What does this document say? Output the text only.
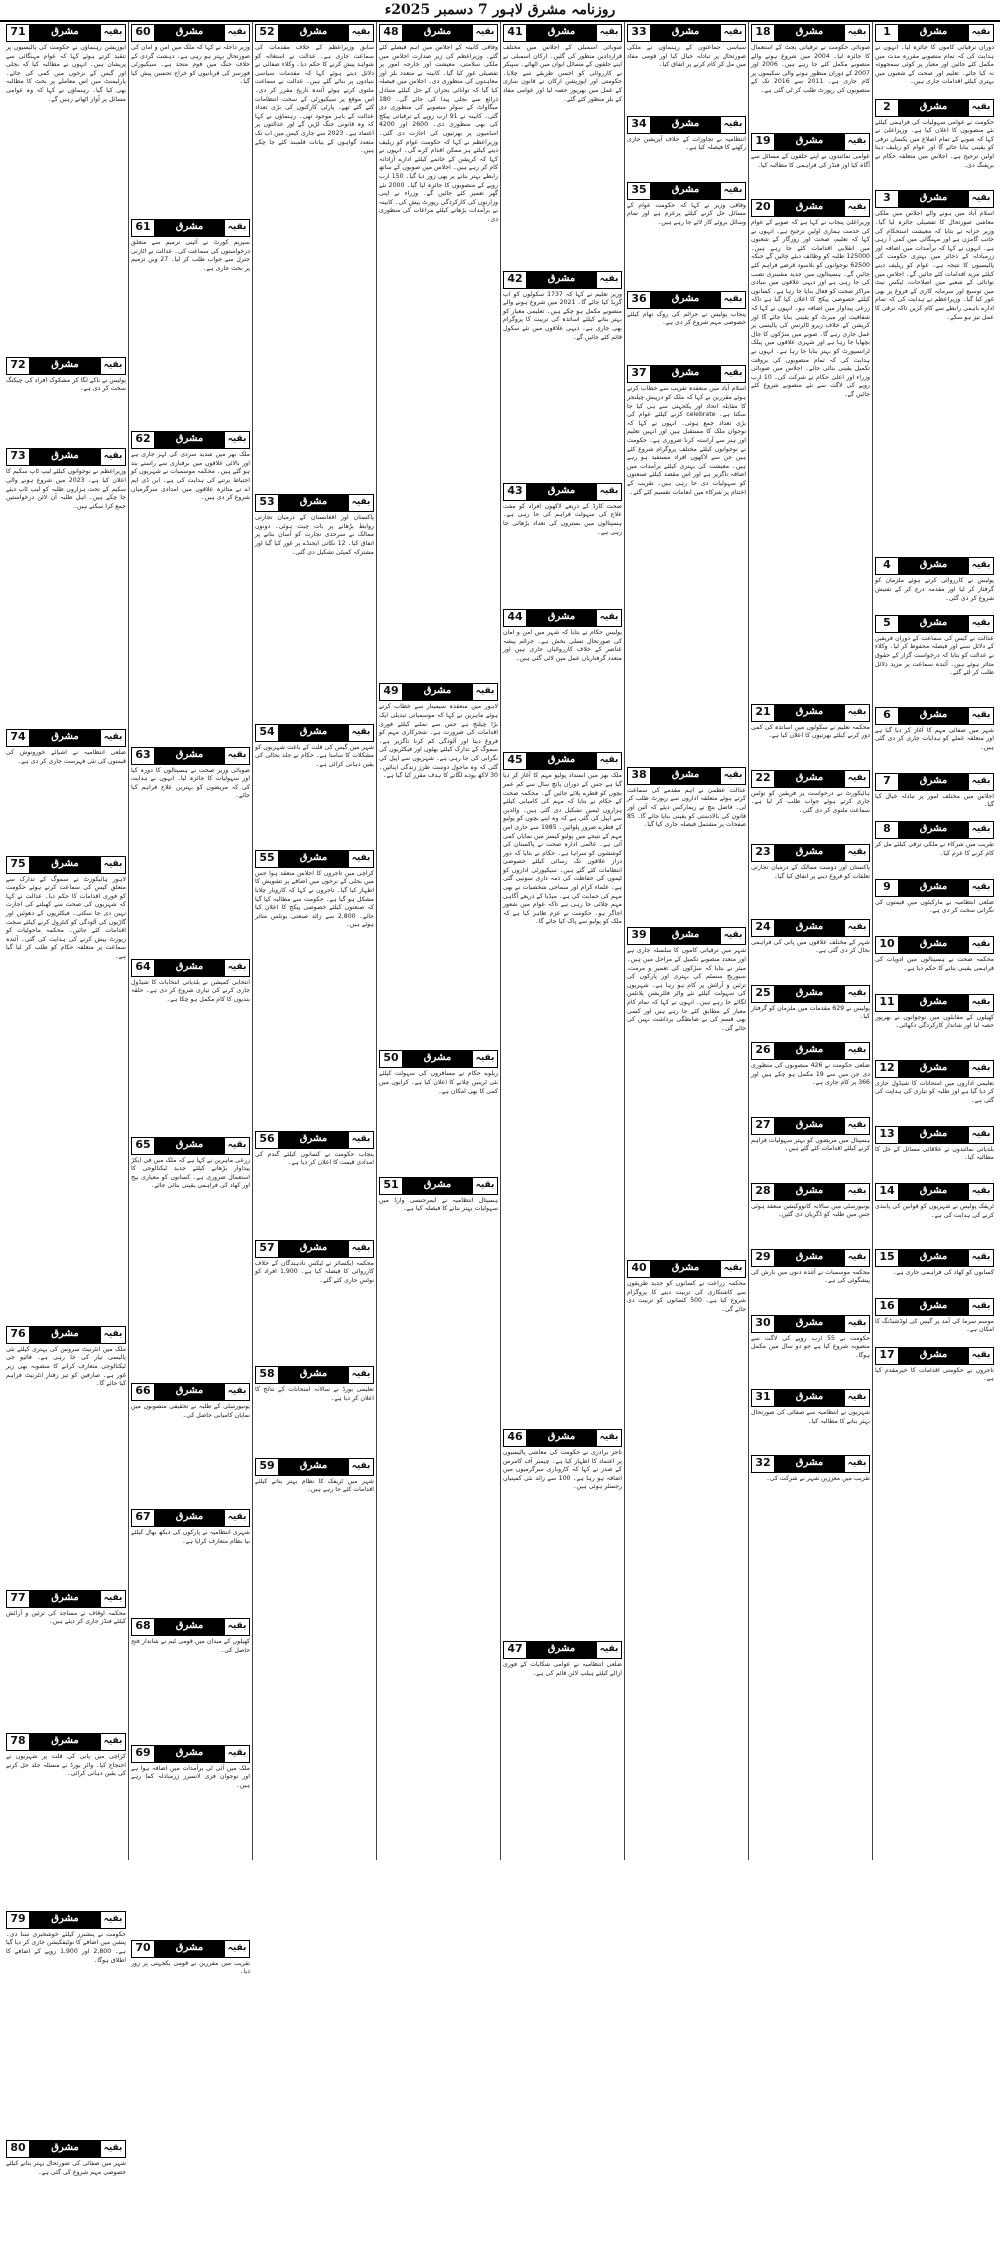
روزنامہ مشرق لاہور 7 دسمبر 2025ء
بقیہ
مشرق
1
دوران ترقیاتی کاموں کا جائزہ لیا۔ انہوں نے ہدایت کی کہ تمام منصوبے مقررہ مدت میں مکمل کئے جائیں اور معیار پر کوئی سمجھوتہ نہ کیا جائے۔ تعلیم اور صحت کے شعبوں میں بہتری کیلئے اقدامات جاری ہیں۔
بقیہ
مشرق
2
حکومت نے عوامی سہولیات کی فراہمی کیلئے نئے منصوبوں کا اعلان کیا ہے۔ وزیراعلیٰ نے کہا کہ صوبے کے تمام اضلاع میں یکساں ترقی کو یقینی بنایا جائے گا اور عوام کو ریلیف دینا اولین ترجیح ہے۔ اجلاس میں متعلقہ حکام نے بریفنگ دی۔
بقیہ
مشرق
3
اسلام آباد میں ہونے والے اجلاس میں ملکی معاشی صورتحال کا تفصیلی جائزہ لیا گیا۔ وزیر خزانہ نے بتایا کہ معیشت استحکام کی جانب گامزن ہے اور مہنگائی میں کمی آ رہی ہے۔ انہوں نے کہا کہ برآمدات میں اضافہ اور زرمبادلہ کے ذخائر میں بہتری حکومت کی پالیسیوں کا نتیجہ ہے۔ عوام کو ریلیف دینے کیلئے مزید اقدامات کئے جائیں گے۔ اجلاس میں توانائی کے شعبے میں اصلاحات، ٹیکس نیٹ میں توسیع اور سرمایہ کاری کے فروغ پر بھی غور کیا گیا۔ وزیراعظم نے ہدایت کی کہ تمام ادارے باہمی رابطے سے کام کریں تاکہ ترقی کا عمل تیز ہو سکے۔
بقیہ
مشرق
4
پولیس نے کارروائی کرتے ہوئے ملزمان کو گرفتار کر لیا اور مقدمہ درج کر کے تفتیش شروع کر دی گئی۔
بقیہ
مشرق
5
عدالت نے کیس کی سماعت کے دوران فریقین کے دلائل سنے اور فیصلہ محفوظ کر لیا۔ وکلاء نے عدالت کو بتایا کہ درخواست گزار کے حقوق متاثر ہوئے ہیں۔ آئندہ سماعت پر مزید دلائل طلب کر لئے گئے۔
بقیہ
مشرق
6
شہر میں صفائی مہم کا آغاز کر دیا گیا ہے اور متعلقہ عملے کو ہدایات جاری کر دی گئی ہیں۔
بقیہ
مشرق
7
اجلاس میں مختلف امور پر تبادلہ خیال کیا گیا۔
بقیہ
مشرق
8
تقریب میں شرکاء نے ملکی ترقی کیلئے مل کر کام کرنے کا عزم کیا۔
بقیہ
مشرق
9
ضلعی انتظامیہ نے مارکیٹوں میں قیمتوں کی نگرانی سخت کر دی ہے۔
بقیہ
مشرق
10
محکمہ صحت نے ہسپتالوں میں ادویات کی فراہمی یقینی بنانے کا حکم دیا ہے۔
بقیہ
مشرق
11
کھیلوں کے مقابلوں میں نوجوانوں نے بھرپور حصہ لیا اور شاندار کارکردگی دکھائی۔
بقیہ
مشرق
12
تعلیمی اداروں میں امتحانات کا شیڈول جاری کر دیا گیا ہے اور طلبہ کو تیاری کی ہدایت کی گئی ہے۔
بقیہ
مشرق
13
بلدیاتی نمائندوں نے علاقائی مسائل کے حل کا مطالبہ کیا۔
بقیہ
مشرق
14
ٹریفک پولیس نے شہریوں کو قوانین کی پابندی کرنے کی ہدایت کی ہے۔
بقیہ
مشرق
15
کسانوں کو کھاد کی فراہمی جاری ہے۔
بقیہ
مشرق
16
موسم سرما کی آمد پر گیس کی لوڈشیڈنگ کا امکان ہے۔
بقیہ
مشرق
17
تاجروں نے حکومتی اقدامات کا خیرمقدم کیا ہے۔
بقیہ
مشرق
18
صوبائی حکومت نے ترقیاتی بجٹ کے استعمال کا جائزہ لیا۔ 2004 میں شروع ہونے والے منصوبے مکمل کئے جا رہے ہیں۔ 2006 اور 2007 کے دوران منظور ہونے والی سکیموں پر کام جاری ہے۔ 2011 سے 2016 تک کے منصوبوں کی رپورٹ طلب کر لی گئی ہے۔
بقیہ
مشرق
19
عوامی نمائندوں نے اپنے حلقوں کے مسائل سے آگاہ کیا اور فنڈز کی فراہمی کا مطالبہ کیا۔
بقیہ
مشرق
20
وزیراعلیٰ پنجاب نے کہا ہے کہ صوبے کے عوام کی خدمت ہماری اولین ترجیح ہے۔ انہوں نے کہا کہ تعلیم، صحت اور روزگار کے شعبوں میں انقلابی اقدامات کئے جا رہے ہیں۔ 125000 طلبہ کو وظائف دیئے جائیں گے جبکہ 62500 نوجوانوں کو بلاسود قرضے فراہم کئے جائیں گے۔ ہسپتالوں میں جدید مشینری نصب کی جا رہی ہے اور دیہی علاقوں میں بنیادی مراکز صحت کو فعال بنایا جا رہا ہے۔ کسانوں کیلئے خصوصی پیکج کا اعلان کیا گیا ہے تاکہ زرعی پیداوار میں اضافہ ہو۔ انہوں نے کہا کہ شفافیت اور میرٹ کو یقینی بنایا جائے گا اور کرپشن کے خلاف زیرو ٹالرنس کی پالیسی پر عمل جاری رہے گا۔ صوبے میں سڑکوں کا جال بچھایا جا رہا ہے اور شہری علاقوں میں پبلک ٹرانسپورٹ کو بہتر بنایا جا رہا ہے۔ انہوں نے ہدایت کی کہ تمام منصوبوں کی بروقت تکمیل یقینی بنائی جائے۔ اجلاس میں صوبائی وزراء اور اعلیٰ حکام نے شرکت کی۔ 10 ارب روپے کی لاگت سے نئے منصوبے شروع کئے جائیں گے۔
بقیہ
مشرق
21
محکمہ تعلیم نے سکولوں میں اساتذہ کی کمی دور کرنے کیلئے بھرتیوں کا اعلان کیا ہے۔
بقیہ
مشرق
22
ہائیکورٹ نے درخواست پر فریقین کو نوٹس جاری کرتے ہوئے جواب طلب کر لیا ہے۔ سماعت ملتوی کر دی گئی۔
بقیہ
مشرق
23
پاکستان اور دوست ممالک کے درمیان تجارتی تعلقات کو فروغ دینے پر اتفاق کیا گیا۔
بقیہ
مشرق
24
شہر کے مختلف علاقوں میں پانی کی فراہمی بحال کر دی گئی ہے۔
بقیہ
مشرق
25
پولیس نے 629 مقدمات میں ملزمان کو گرفتار کیا۔
بقیہ
مشرق
26
ضلعی حکومت نے 426 منصوبوں کی منظوری دی جن میں سے 19 مکمل ہو چکے ہیں اور 366 پر کام جاری ہے۔
بقیہ
مشرق
27
ہسپتال میں مریضوں کو بہتر سہولیات فراہم کرنے کیلئے اقدامات کئے گئے ہیں۔
بقیہ
مشرق
28
یونیورسٹی میں سالانہ کانووکیشن منعقد ہوئی جس میں طلبہ کو ڈگریاں دی گئیں۔
بقیہ
مشرق
29
محکمہ موسمیات نے آئندہ دنوں میں بارش کی پیشگوئی کی ہے۔
بقیہ
مشرق
30
حکومت نے 55 ارب روپے کی لاگت سے منصوبہ شروع کیا ہے جو دو سال میں مکمل ہوگا۔
بقیہ
مشرق
31
شہریوں نے انتظامیہ سے صفائی کی صورتحال بہتر بنانے کا مطالبہ کیا۔
بقیہ
مشرق
32
تقریب میں معززین شہر نے شرکت کی۔
بقیہ
مشرق
33
سیاسی جماعتوں کے رہنماؤں نے ملکی صورتحال پر تبادلہ خیال کیا اور قومی مفاد میں مل کر کام کرنے پر اتفاق کیا۔
بقیہ
مشرق
34
انتظامیہ نے تجاوزات کے خلاف آپریشن جاری رکھنے کا فیصلہ کیا ہے۔
بقیہ
مشرق
35
وفاقی وزیر نے کہا کہ حکومت عوام کے مسائل حل کرنے کیلئے پرعزم ہے اور تمام وسائل بروئے کار لائے جا رہے ہیں۔
بقیہ
مشرق
36
پنجاب پولیس نے جرائم کی روک تھام کیلئے خصوصی مہم شروع کر دی ہے۔
بقیہ
مشرق
37
اسلام آباد میں منعقدہ تقریب سے خطاب کرتے ہوئے مقررین نے کہا کہ ملک کو درپیش چیلنجز کا مقابلہ اتحاد اور یکجہتی سے ہی کیا جا سکتا ہے۔ celebrate کرنے کیلئے عوام کی بڑی تعداد جمع ہوئی۔ انہوں نے کہا کہ نوجوان ملک کا مستقبل ہیں اور انہیں تعلیم اور ہنر سے آراستہ کرنا ضروری ہے۔ حکومت نے نوجوانوں کیلئے مختلف پروگرام شروع کئے ہیں جن سے لاکھوں افراد مستفید ہو رہے ہیں۔ معیشت کی بہتری کیلئے برآمدات میں اضافہ ناگزیر ہے اور اس مقصد کیلئے صنعتوں کو سہولیات دی جا رہی ہیں۔ تقریب کے اختتام پر شرکاء میں انعامات تقسیم کئے گئے۔
بقیہ
مشرق
38
عدالت عظمیٰ نے اہم مقدمے کی سماعت کرتے ہوئے متعلقہ اداروں سے رپورٹ طلب کر لی۔ فاضل بنچ نے ریمارکس دیئے کہ آئین اور قانون کی بالادستی کو یقینی بنایا جائے گا۔ 85 صفحات پر مشتمل فیصلہ جاری کیا گیا۔
بقیہ
مشرق
39
شہر میں ترقیاتی کاموں کا سلسلہ جاری ہے اور متعدد منصوبے تکمیل کے مراحل میں ہیں۔ میئر نے بتایا کہ سڑکوں کی تعمیر و مرمت، سیوریج سسٹم کی بہتری اور پارکوں کی تزئین و آرائش پر کام ہو رہا ہے۔ شہریوں کی سہولت کیلئے نئے واٹر فلٹریشن پلانٹس لگائے جا رہے ہیں۔ انہوں نے کہا کہ تمام کام معیار کے مطابق کئے جا رہے ہیں اور کسی بھی قسم کی بے ضابطگی برداشت نہیں کی جائے گی۔
بقیہ
مشرق
40
محکمہ زراعت نے کسانوں کو جدید طریقوں سے کاشتکاری کی تربیت دینے کا پروگرام شروع کیا ہے۔ 500 کسانوں کو تربیت دی جائے گی۔
بقیہ
مشرق
41
صوبائی اسمبلی کے اجلاس میں مختلف قراردادیں منظور کی گئیں۔ ارکان اسمبلی نے اپنے حلقوں کے مسائل ایوان میں اٹھائے۔ سپیکر نے کارروائی کو احسن طریقے سے چلایا۔ حکومتی اور اپوزیشن ارکان نے قانون سازی کے عمل میں بھرپور حصہ لیا اور عوامی مفاد کے بلز منظور کئے گئے۔
بقیہ
مشرق
42
وزیر تعلیم نے کہا کہ 1737 سکولوں کو اپ گریڈ کیا جائے گا۔ 2021 میں شروع ہونے والے منصوبے مکمل ہو چکے ہیں۔ تعلیمی معیار کو بہتر بنانے کیلئے اساتذہ کی تربیت کا پروگرام بھی جاری ہے۔ دیہی علاقوں میں نئے سکول قائم کئے جائیں گے۔
بقیہ
مشرق
43
صحت کارڈ کے ذریعے لاکھوں افراد کو مفت علاج کی سہولت فراہم کی جا رہی ہے۔ ہسپتالوں میں بستروں کی تعداد بڑھائی جا رہی ہے۔
بقیہ
مشرق
44
پولیس حکام نے بتایا کہ شہر میں امن و امان کی صورتحال تسلی بخش ہے۔ جرائم پیشہ عناصر کے خلاف کارروائیاں جاری ہیں اور متعدد گرفتاریاں عمل میں لائی گئی ہیں۔
بقیہ
مشرق
45
ملک بھر میں انسداد پولیو مہم کا آغاز کر دیا گیا ہے جس کے دوران پانچ سال سے کم عمر بچوں کو قطرے پلائے جائیں گے۔ محکمہ صحت کے حکام نے بتایا کہ مہم کی کامیابی کیلئے ہزاروں ٹیمیں تشکیل دی گئی ہیں۔ والدین سے اپیل کی گئی ہے کہ وہ اپنے بچوں کو پولیو کے قطرے ضرور پلوائیں۔ 1985 سے جاری اس مہم کے نتیجے میں پولیو کیسز میں نمایاں کمی آئی ہے۔ عالمی ادارہ صحت نے پاکستان کی کوششوں کو سراہا ہے۔ حکام نے بتایا کہ دور دراز علاقوں تک رسائی کیلئے خصوصی انتظامات کئے گئے ہیں۔ سیکیورٹی اداروں کو ٹیموں کی حفاظت کی ذمہ داری سونپی گئی ہے۔ علماء کرام اور سماجی شخصیات نے بھی مہم کی حمایت کی ہے۔ میڈیا کے ذریعے آگاہی مہم چلائی جا رہی ہے تاکہ عوام میں شعور اجاگر ہو۔ حکومت نے عزم ظاہر کیا ہے کہ ملک کو پولیو سے پاک کیا جائے گا۔
بقیہ
مشرق
46
تاجر برادری نے حکومت کی معاشی پالیسیوں پر اعتماد کا اظہار کیا ہے۔ چیمبر آف کامرس کے صدر نے کہا کہ کاروباری سرگرمیوں میں اضافہ ہو رہا ہے۔ 100 سے زائد نئی کمپنیاں رجسٹر ہوئی ہیں۔
بقیہ
مشرق
47
ضلعی انتظامیہ نے عوامی شکایات کے فوری ازالے کیلئے ہیلپ لائن قائم کی ہے۔
بقیہ
مشرق
48
وفاقی کابینہ کے اجلاس میں اہم فیصلے کئے گئے۔ وزیراعظم کی زیر صدارت اجلاس میں ملکی سلامتی، معیشت اور خارجہ امور پر تفصیلی غور کیا گیا۔ کابینہ نے متعدد بلز اور معاہدوں کی منظوری دی۔ اجلاس میں فیصلہ کیا گیا کہ توانائی بحران کے حل کیلئے متبادل ذرائع سے بجلی پیدا کی جائے گی۔ 180 میگاواٹ کے سولر منصوبے کی منظوری دی گئی۔ کابینہ نے 91 ارب روپے کے ترقیاتی پیکج کی بھی منظوری دی۔ 2600 اور 4200 اسامیوں پر بھرتیوں کی اجازت دی گئی۔ وزیراعظم نے کہا کہ حکومت عوام کو ریلیف دینے کیلئے ہر ممکن اقدام کرے گی۔ انہوں نے کہا کہ کرپشن کے خاتمے کیلئے ادارے آزادانہ کام کر رہے ہیں۔ اجلاس میں صوبوں کے ساتھ رابطے بہتر بنانے پر بھی زور دیا گیا۔ 150 ارب روپے کے منصوبوں کا جائزہ لیا گیا۔ 2000 نئے گھر تعمیر کئے جائیں گے۔ وزراء نے اپنی وزارتوں کی کارکردگی رپورٹ پیش کی۔ کابینہ نے برآمدات بڑھانے کیلئے مراعات کی منظوری دی۔
بقیہ
مشرق
49
لاہور میں منعقدہ سیمینار سے خطاب کرتے ہوئے ماہرین نے کہا کہ موسمیاتی تبدیلی ایک بڑا چیلنج ہے جس سے نمٹنے کیلئے فوری اقدامات کی ضرورت ہے۔ شجرکاری مہم کو فروغ دینا اور آلودگی کم کرنا ناگزیر ہے۔ سموگ کے تدارک کیلئے بھٹوں اور فیکٹریوں کی نگرانی کی جا رہی ہے۔ شہریوں سے اپیل کی گئی کہ وہ ماحول دوست طرز زندگی اپنائیں۔ 30 لاکھ پودے لگانے کا ہدف مقرر کیا گیا ہے۔
بقیہ
مشرق
50
ریلوے حکام نے مسافروں کی سہولت کیلئے نئی ٹرینیں چلانے کا اعلان کیا ہے۔ کرایوں میں کمی کا بھی امکان ہے۔
بقیہ
مشرق
51
ہسپتال انتظامیہ نے ایمرجنسی وارڈ میں سہولیات بہتر بنانے کا فیصلہ کیا ہے۔
بقیہ
مشرق
52
سابق وزیراعظم کے خلاف مقدمات کی سماعت جاری ہے۔ عدالت نے استغاثہ کو شواہد پیش کرنے کا حکم دیا۔ وکلاء صفائی نے دلائل دیتے ہوئے کہا کہ مقدمات سیاسی بنیادوں پر بنائے گئے ہیں۔ عدالت نے سماعت ملتوی کرتے ہوئے آئندہ تاریخ مقرر کر دی۔ اس موقع پر سیکیورٹی کے سخت انتظامات کئے گئے تھے۔ پارٹی کارکنوں کی بڑی تعداد عدالت کے باہر موجود تھی۔ رہنماؤں نے کہا کہ وہ قانونی جنگ لڑیں گے اور عدالتوں پر اعتماد ہے۔ 2023 سے جاری کیس میں اب تک متعدد گواہوں کے بیانات قلمبند کئے جا چکے ہیں۔
بقیہ
مشرق
53
پاکستان اور افغانستان کے درمیان تجارتی روابط بڑھانے پر بات چیت ہوئی۔ دونوں ممالک نے سرحدی تجارت کو آسان بنانے پر اتفاق کیا۔ 12 نکاتی ایجنڈے پر غور کیا گیا اور مشترکہ کمیٹی تشکیل دی گئی۔
بقیہ
مشرق
54
شہر میں گیس کی قلت کے باعث شہریوں کو مشکلات کا سامنا ہے۔ حکام نے جلد بحالی کی یقین دہانی کرائی ہے۔
بقیہ
مشرق
55
کراچی میں تاجروں کا اجلاس منعقد ہوا جس میں بجلی کے نرخوں میں اضافے پر تشویش کا اظہار کیا گیا۔ تاجروں نے کہا کہ کاروبار چلانا مشکل ہو گیا ہے۔ حکومت سے مطالبہ کیا گیا کہ صنعتوں کیلئے خصوصی پیکج کا اعلان کیا جائے۔ 2,800 سے زائد صنعتی یونٹس متاثر ہوئے ہیں۔
بقیہ
مشرق
56
پنجاب حکومت نے کسانوں کیلئے گندم کی امدادی قیمت کا اعلان کر دیا ہے۔
بقیہ
مشرق
57
محکمہ ایکسائز نے ٹیکس نادہندگان کے خلاف کارروائی کا فیصلہ کیا ہے۔ 1,900 افراد کو نوٹس جاری کئے گئے۔
بقیہ
مشرق
58
تعلیمی بورڈ نے سالانہ امتحانات کے نتائج کا اعلان کر دیا ہے۔
بقیہ
مشرق
59
شہر میں ٹریفک کا نظام بہتر بنانے کیلئے اقدامات کئے جا رہے ہیں۔
بقیہ
مشرق
60
وزیر داخلہ نے کہا کہ ملک میں امن و امان کی صورتحال بہتر ہو رہی ہے۔ دہشت گردی کے خلاف جنگ میں قوم متحد ہے۔ سیکیورٹی فورسز کی قربانیوں کو خراج تحسین پیش کیا گیا۔
بقیہ
مشرق
61
سپریم کورٹ نے آئینی ترمیم سے متعلق درخواستوں کی سماعت کی۔ عدالت نے اٹارنی جنرل سے جواب طلب کر لیا۔ 27 ویں ترمیم پر بحث جاری ہے۔
بقیہ
مشرق
62
ملک بھر میں شدید سردی کی لہر جاری ہے اور بالائی علاقوں میں برفباری سے راستے بند ہو گئے ہیں۔ محکمہ موسمیات نے شہریوں کو احتیاط برتنے کی ہدایت کی ہے۔ این ڈی ایم اے نے متاثرہ علاقوں میں امدادی سرگرمیاں شروع کر دی ہیں۔
بقیہ
مشرق
63
صوبائی وزیر صحت نے ہسپتالوں کا دورہ کیا اور سہولیات کا جائزہ لیا۔ انہوں نے ہدایت کی کہ مریضوں کو بہترین علاج فراہم کیا جائے۔
بقیہ
مشرق
64
انتخابی کمیشن نے بلدیاتی انتخابات کا شیڈول جاری کرنے کی تیاری شروع کر دی ہے۔ حلقہ بندیوں کا کام مکمل ہو چکا ہے۔
بقیہ
مشرق
65
زرعی ماہرین نے کہا ہے کہ ملک میں فی ایکڑ پیداوار بڑھانے کیلئے جدید ٹیکنالوجی کا استعمال ضروری ہے۔ کسانوں کو معیاری بیج اور کھاد کی فراہمی یقینی بنائی جائے۔
بقیہ
مشرق
66
یونیورسٹی کے طلبہ نے تحقیقی منصوبوں میں نمایاں کامیابی حاصل کی۔
بقیہ
مشرق
67
شہری انتظامیہ نے پارکوں کی دیکھ بھال کیلئے نیا نظام متعارف کرایا ہے۔
بقیہ
مشرق
68
کھیلوں کے میدان میں قومی ٹیم نے شاندار فتح حاصل کی۔
بقیہ
مشرق
69
ملک میں آئی ٹی برآمدات میں اضافہ ہوا ہے اور نوجوان فری لانسرز زرمبادلہ کما رہے ہیں۔
بقیہ
مشرق
70
تقریب میں مقررین نے قومی یکجہتی پر زور دیا۔
بقیہ
مشرق
71
اپوزیشن رہنماؤں نے حکومت کی پالیسیوں پر تنقید کرتے ہوئے کہا کہ عوام مہنگائی سے پریشان ہیں۔ انہوں نے مطالبہ کیا کہ بجلی اور گیس کے نرخوں میں کمی کی جائے۔ پارلیمنٹ میں اس معاملے پر بحث کا مطالبہ بھی کیا گیا۔ رہنماؤں نے کہا کہ وہ عوامی مسائل پر آواز اٹھاتے رہیں گے۔
بقیہ
مشرق
72
پولیس نے ناکے لگا کر مشکوک افراد کی چیکنگ سخت کر دی ہے۔
بقیہ
مشرق
73
وزیراعظم نے نوجوانوں کیلئے لیپ ٹاپ سکیم کا اعلان کیا ہے۔ 2023 میں شروع ہونے والی سکیم کے تحت ہزاروں طلبہ کو لیپ ٹاپ دیئے جا چکے ہیں۔ اہل طلبہ آن لائن درخواستیں جمع کرا سکتے ہیں۔
بقیہ
مشرق
74
ضلعی انتظامیہ نے اشیائے خورونوش کی قیمتوں کی نئی فہرست جاری کر دی ہے۔
بقیہ
مشرق
75
لاہور ہائیکورٹ نے سموگ کے تدارک سے متعلق کیس کی سماعت کرتے ہوئے حکومت کو فوری اقدامات کا حکم دیا۔ عدالت نے کہا کہ شہریوں کی صحت سے کھیلنے کی اجازت نہیں دی جا سکتی۔ فیکٹریوں کے دھوئیں اور گاڑیوں کی آلودگی کو کنٹرول کرنے کیلئے سخت اقدامات کئے جائیں۔ محکمہ ماحولیات کو رپورٹ پیش کرنے کی ہدایت کی گئی۔ آئندہ سماعت پر متعلقہ حکام کو طلب کر لیا گیا ہے۔
بقیہ
مشرق
76
ملک میں انٹرنیٹ سروس کی بہتری کیلئے نئی پالیسی تیار کی جا رہی ہے۔ فائیو جی ٹیکنالوجی متعارف کرانے کا منصوبہ بھی زیر غور ہے۔ صارفین کو تیز رفتار انٹرنیٹ فراہم کیا جائے گا۔
بقیہ
مشرق
77
محکمہ اوقاف نے مساجد کی تزئین و آرائش کیلئے فنڈز جاری کر دیئے ہیں۔
بقیہ
مشرق
78
کراچی میں پانی کی قلت پر شہریوں نے احتجاج کیا۔ واٹر بورڈ نے مسئلہ جلد حل کرنے کی یقین دہانی کرائی۔
بقیہ
مشرق
79
حکومت نے پنشنرز کیلئے خوشخبری سنا دی۔ پنشن میں اضافے کا نوٹیفکیشن جاری کر دیا گیا ہے۔ 2,800 اور 1,900 روپے کے اضافے کا اطلاق ہوگا۔
بقیہ
مشرق
80
شہر میں صفائی کی صورتحال بہتر بنانے کیلئے خصوصی مہم شروع کی گئی ہے۔
